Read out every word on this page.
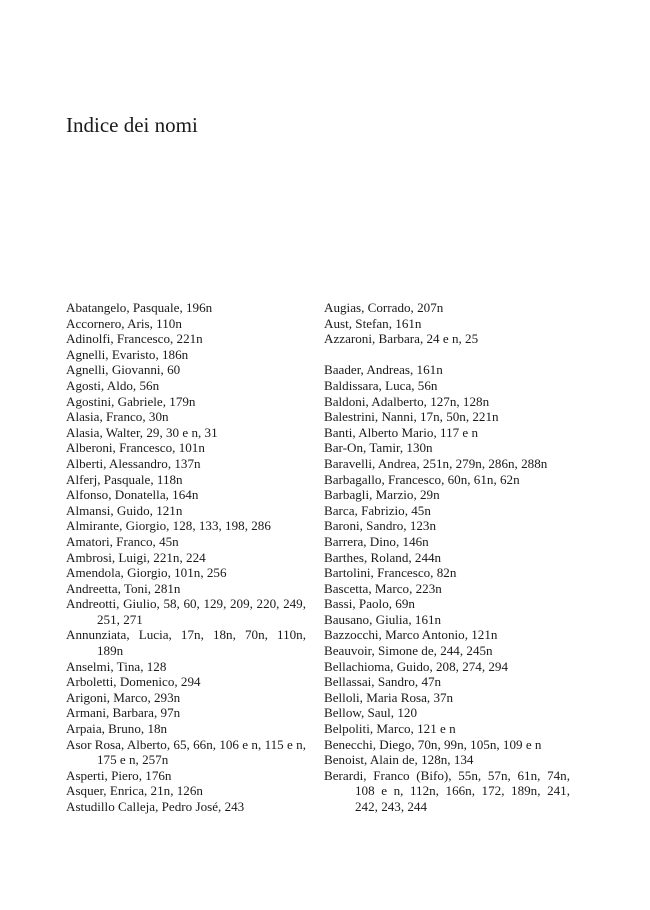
Indice dei nomi
Abatangelo, Pasquale, 196n
Accornero, Aris, 110n
Adinolfi, Francesco, 221n
Agnelli, Evaristo, 186n
Agnelli, Giovanni, 60
Agosti, Aldo, 56n
Agostini, Gabriele, 179n
Alasia, Franco, 30n
Alasia, Walter, 29, 30 e n, 31
Alberoni, Francesco, 101n
Alberti, Alessandro, 137n
Alferj, Pasquale, 118n
Alfonso, Donatella, 164n
Almansi, Guido, 121n
Almirante, Giorgio, 128, 133, 198, 286
Amatori, Franco, 45n
Ambrosi, Luigi, 221n, 224
Amendola, Giorgio, 101n, 256
Andreetta, Toni, 281n
Andreotti, Giulio, 58, 60, 129, 209, 220, 249, 251, 271
Annunziata, Lucia, 17n, 18n, 70n, 110n, 189n
Anselmi, Tina, 128
Arboletti, Domenico, 294
Arigoni, Marco, 293n
Armani, Barbara, 97n
Arpaia, Bruno, 18n
Asor Rosa, Alberto, 65, 66n, 106 e n, 115 e n, 175 e n, 257n
Asperti, Piero, 176n
Asquer, Enrica, 21n, 126n
Astudillo Calleja, Pedro José, 243
Augias, Corrado, 207n
Aust, Stefan, 161n
Azzaroni, Barbara, 24 e n, 25
Baader, Andreas, 161n
Baldissara, Luca, 56n
Baldoni, Adalberto, 127n, 128n
Balestrini, Nanni, 17n, 50n, 221n
Banti, Alberto Mario, 117 e n
Bar-On, Tamir, 130n
Baravelli, Andrea, 251n, 279n, 286n, 288n
Barbagallo, Francesco, 60n, 61n, 62n
Barbagli, Marzio, 29n
Barca, Fabrizio, 45n
Baroni, Sandro, 123n
Barrera, Dino, 146n
Barthes, Roland, 244n
Bartolini, Francesco, 82n
Bascetta, Marco, 223n
Bassi, Paolo, 69n
Bausano, Giulia, 161n
Bazzocchi, Marco Antonio, 121n
Beauvoir, Simone de, 244, 245n
Bellachioma, Guido, 208, 274, 294
Bellassai, Sandro, 47n
Belloli, Maria Rosa, 37n
Bellow, Saul, 120
Belpoliti, Marco, 121 e n
Benecchi, Diego, 70n, 99n, 105n, 109 e n
Benoist, Alain de, 128n, 134
Berardi, Franco (Bifo), 55n, 57n, 61n, 74n, 108 e n, 112n, 166n, 172, 189n, 241, 242, 243, 244
